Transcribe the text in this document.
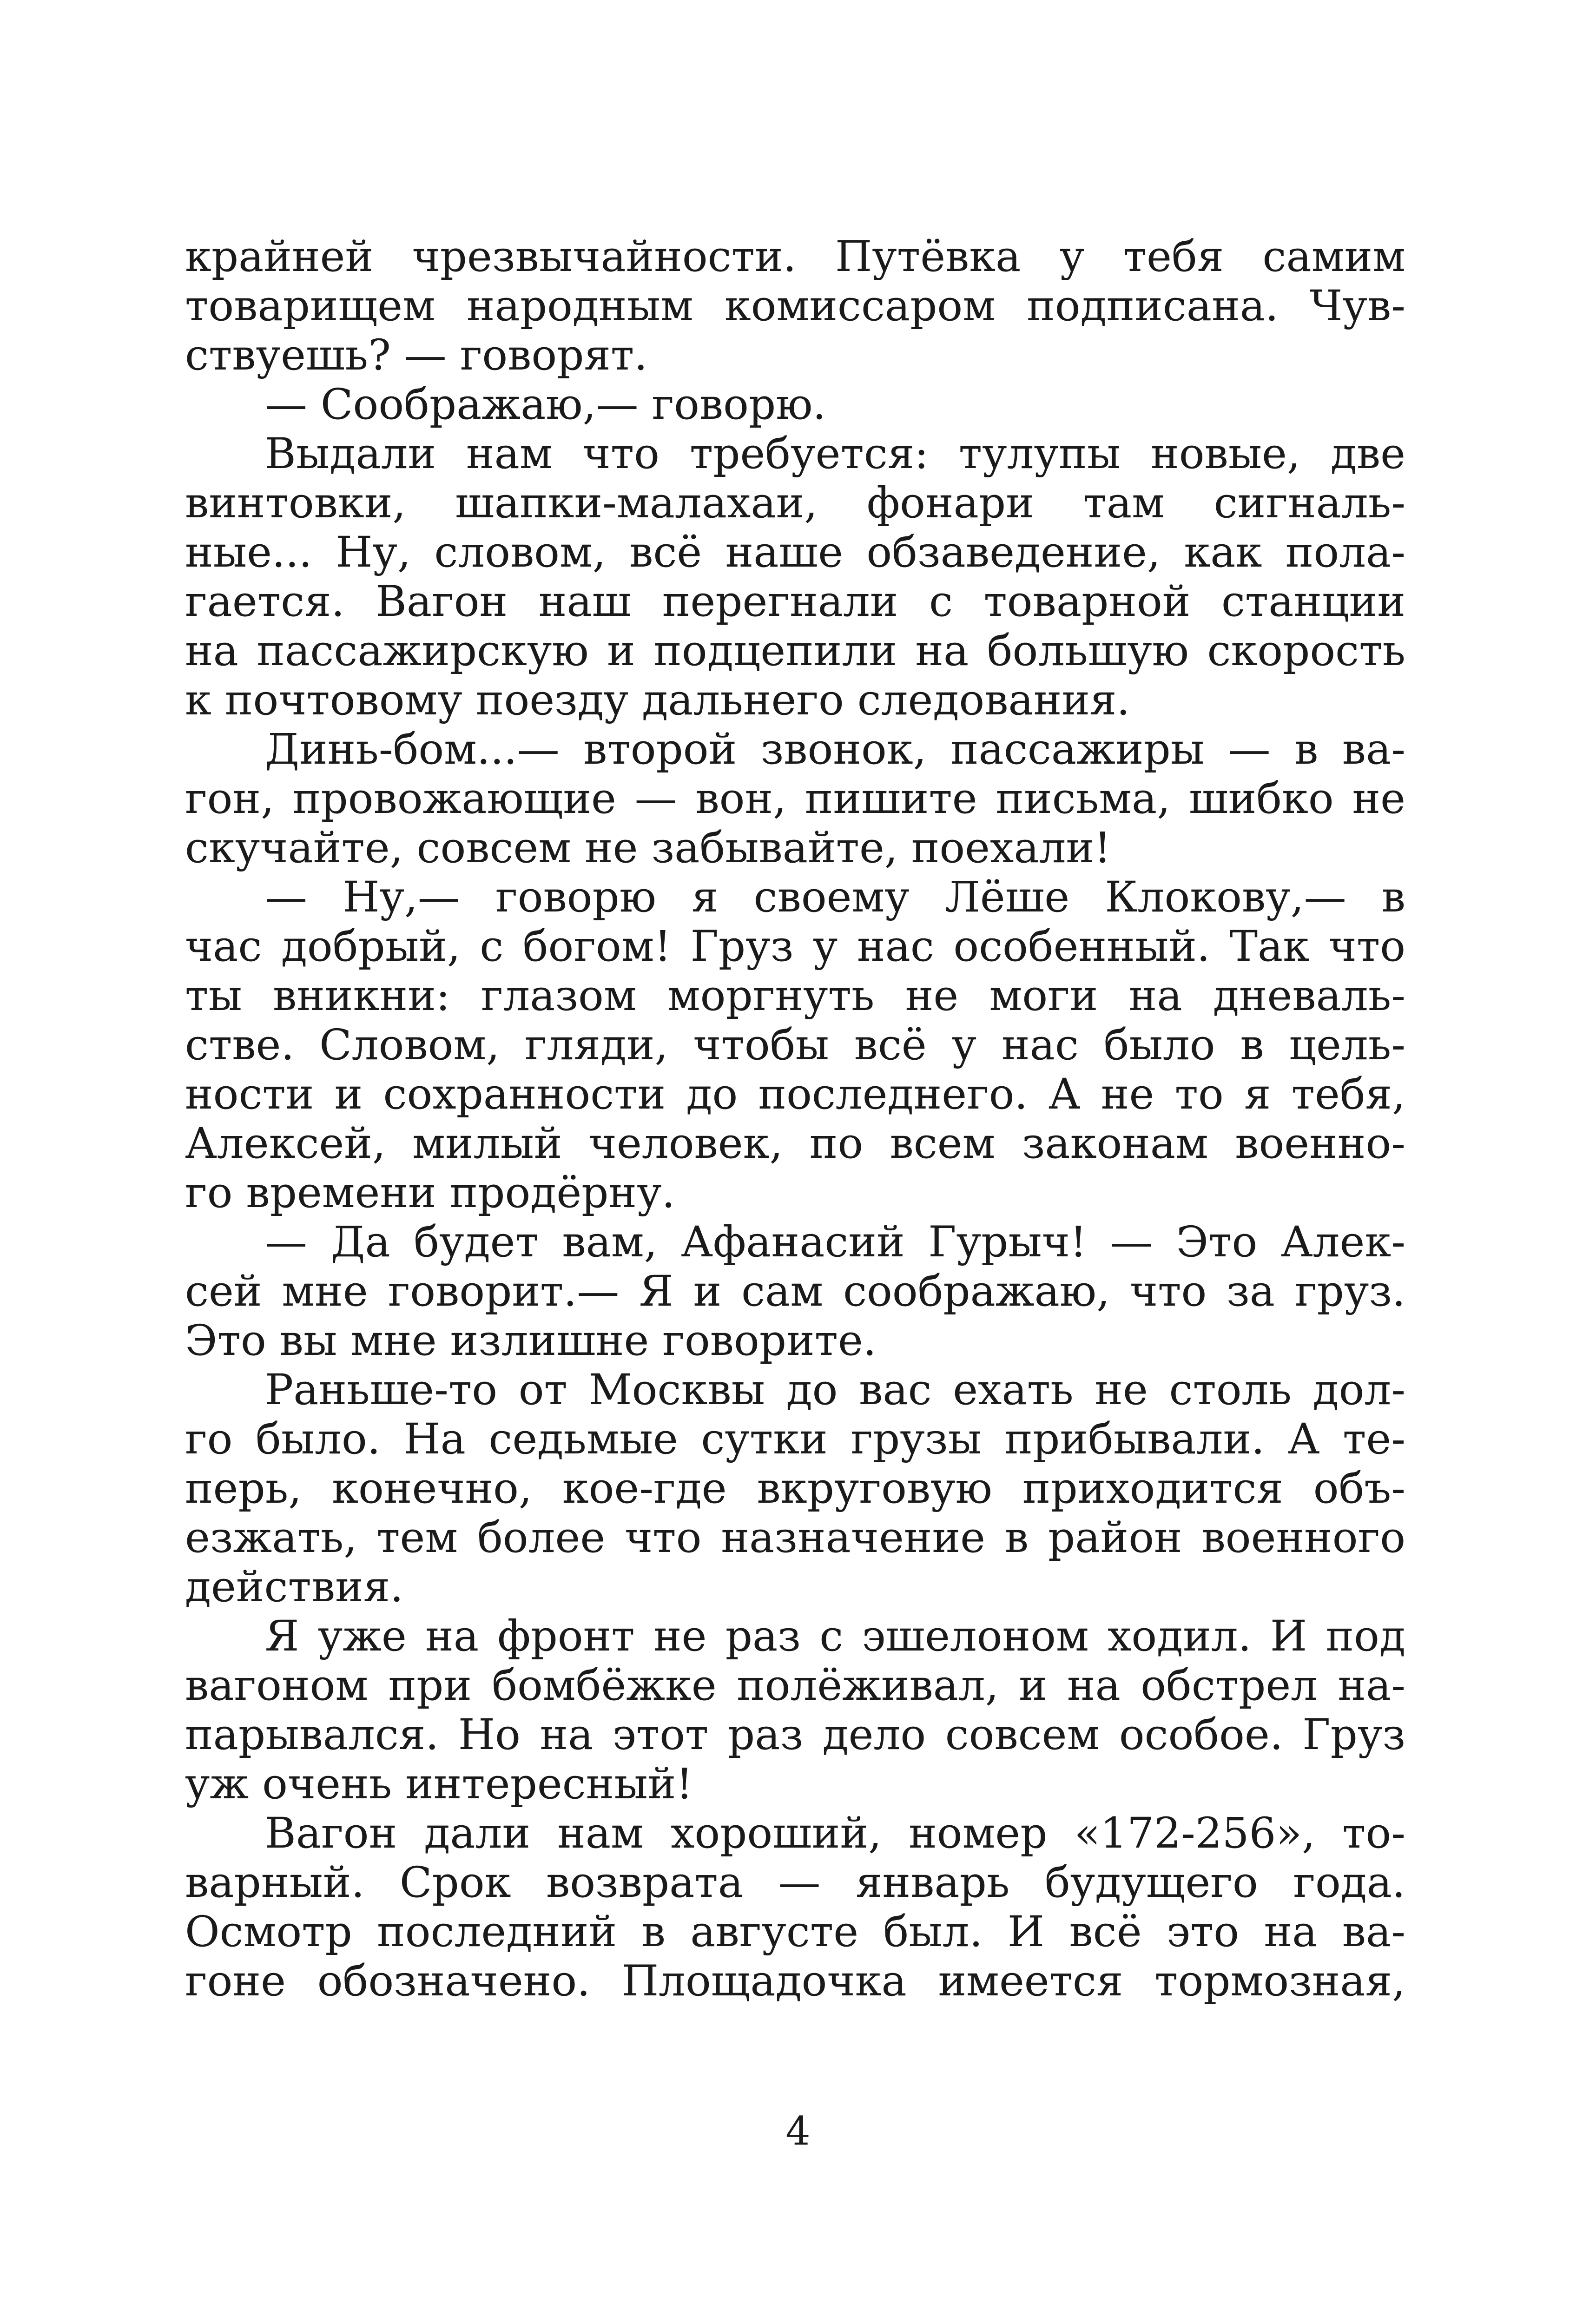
крайней чрезвычайности. Путёвка у тебя самим
товарищем народным комиссаром подписана. Чув-
ствуешь? — говорят.
— Соображаю,— говорю.
Выдали нам что требуется: тулупы новые, две
винтовки, шапки-малахаи, фонари там сигналь-
ные... Ну, словом, всё наше обзаведение, как пола-
гается. Вагон наш перегнали с товарной станции
на пассажирскую и подцепили на большую скорость
к почтовому поезду дальнего следования.
Динь-бом...— второй звонок, пассажиры — в ва-
гон, провожающие — вон, пишите письма, шибко не
скучайте, совсем не забывайте, поехали!
— Ну,— говорю я своему Лёше Клокову,— в
час добрый, с богом! Груз у нас особенный. Так что
ты вникни: глазом моргнуть не моги на дневаль-
стве. Словом, гляди, чтобы всё у нас было в цель-
ности и сохранности до последнего. А не то я тебя,
Алексей, милый человек, по всем законам военно-
го времени продёрну.
— Да будет вам, Афанасий Гурыч! — Это Алек-
сей мне говорит.— Я и сам соображаю, что за груз.
Это вы мне излишне говорите.
Раньше-то от Москвы до вас ехать не столь дол-
го было. На седьмые сутки грузы прибывали. А те-
перь, конечно, кое-где вкруговую приходится объ-
езжать, тем более что назначение в район военного
действия.
Я уже на фронт не раз с эшелоном ходил. И под
вагоном при бомбёжке полёживал, и на обстрел на-
парывался. Но на этот раз дело совсем особое. Груз
уж очень интересный!
Вагон дали нам хороший, номер «172-256», то-
варный. Срок возврата — январь будущего года.
Осмотр последний в августе был. И всё это на ва-
гоне обозначено. Площадочка имеется тормозная,
4
